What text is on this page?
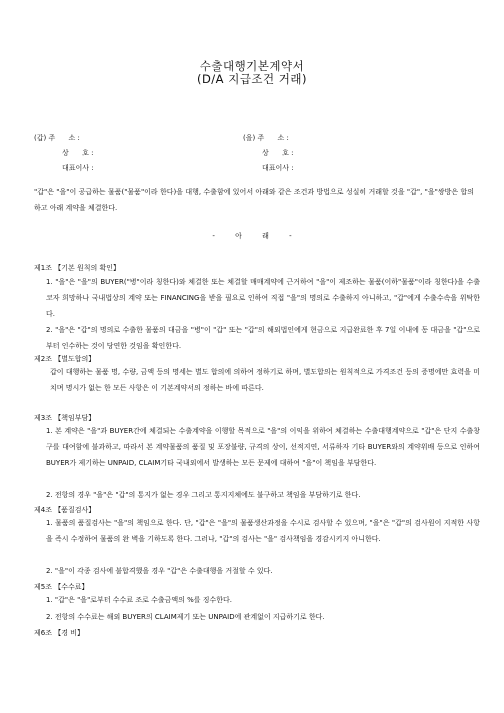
수출대행기본계약서
(D/A 지급조건 거래)
(갑) 주      소 :
상      호 :
대표이사 :
(을) 주      소 :
상      호 :
대표이사 :
"갑"은 "을"이 공급하는 물품("물품"이라 한다)을 대행, 수출함에 있어서 아래와 같은 조건과 방법으로 성실히 거래할 것을 "갑", "을"쌍방은 합의하고 아래 계약을 체결한다.
- 아 래 -
제1조 【기본 원칙의 확인】
1. "을"은 "을"의 BUYER("병"이라 칭한다)와 체결한 또는 체결할 매매계약에 근거하여 "을"이 제조하는 물품(이하"물품"이라 칭한다)을 수출코자 희망하나 국내법상의 계약 또는 FINANCING을 받을 필요로 인하여 직접 "을"의 명의로 수출하지 아니하고, "갑"에게 수출수속을 위탁한다.
2. "을"은 "갑"의 명의로 수출한 물품의 대금을 "병"이 "갑" 또는 "갑"의 해외법인에게 현금으로 지급완료한 후 7일 이내에 동 대금을 "갑"으로부터 인수하는 것이 당연한 것임을 확인한다.
제2조 【별도합의】
갑이 대행하는 물품 명, 수량, 금액 등의 명세는 별도 합의에 의하여 정하기로 하며, 별도합의는 원칙적으로 가격조건 등의 증명에만 효력을 미치며 명시가 없는 한 모든 사항은 이 기본계약서의 정하는 바에 따른다.
제3조 【책임부담】
1. 본 계약은 "을"과 BUYER간에 체결되는 수출계약을 이행할 목적으로 "을"의 이익을 위하여 체결하는 수출대행계약으로 "갑"은 단지 수출창구를 대여함에 불과하고, 따라서 본 계약물품의 품질 및 포장불량, 규격의 상이, 선적지연, 서류하자 기타 BUYER와의 계약위배 등으로 인하여 BUYER가 제기하는 UNPAID, CLAIM기타 국내외에서 발생하는 모든 문제에 대하여 "을"이 책임을 부담한다.
2. 전항의 경우 "을"은 "갑"의 통지가 없는 경우 그리고 통지지체에도 불구하고 책임을 부담하기로 한다.
제4조 【품질검사】
1. 물품의 품질검사는 "을"의 책임으로 한다. 단, "갑"은 "을"의 물품생산과정을 수시로 검사할 수 있으며, "을"은 "갑"의 검사원이 지적한 사항을 즉시 수정하여 물품의 완 벽을 기하도록 한다. 그러나, "갑"의 검사는 "을" 검사책임을 경감시키지 아니한다.
2. "을"이 각종 검사에 불합격했을 경우 "갑"은 수출대행을 거절할 수 있다.
제5조 【수수료】
1. "갑"은 "을"로부터 수수료 조로 수출금액의 %를 징수한다.
2. 전항의 수수료는 해외 BUYER의 CLAIM제기 또는 UNPAID에 관계없이 지급하기로 한다.
제6조 【경 비】
